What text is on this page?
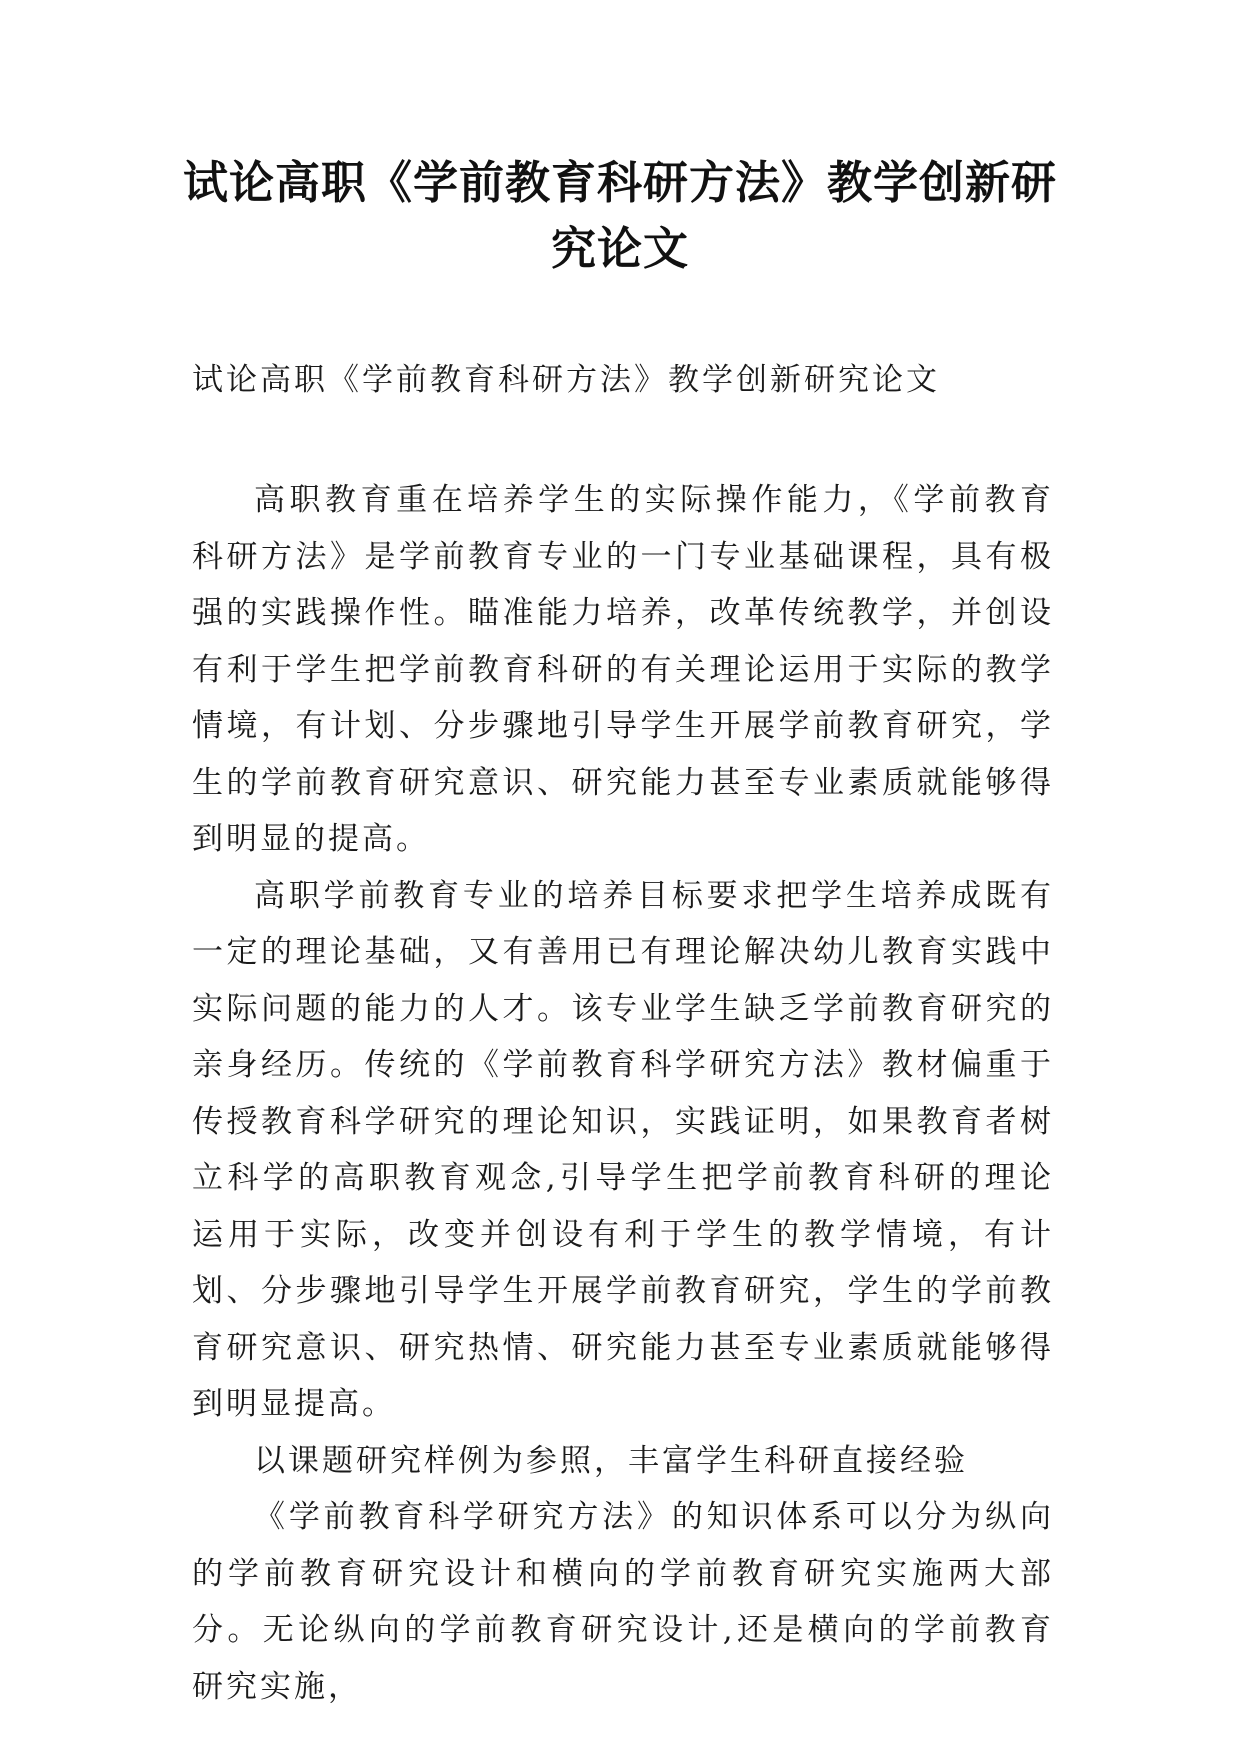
试论高职《学前教育科研方法》教学创新研究论文

试论高职《学前教育科研方法》教学创新研究论文

高职教育重在培养学生的实际操作能力，《学前教育科研方法》是学前教育专业的一门专业基础课程，具有极强的实践操作性。瞄准能力培养，改革传统教学，并创设有利于学生把学前教育科研的有关理论运用于实际的教学情境，有计划、分步骤地引导学生开展学前教育研究，学生的学前教育研究意识、研究能力甚至专业素质就能够得到明显的提高。

高职学前教育专业的培养目标要求把学生培养成既有一定的理论基础，又有善用已有理论解决幼儿教育实践中实际问题的能力的人才。该专业学生缺乏学前教育研究的亲身经历。传统的《学前教育科学研究方法》教材偏重于传授教育科学研究的理论知识，实践证明，如果教育者树立科学的高职教育观念,引导学生把学前教育科研的理论运用于实际，改变并创设有利于学生的教学情境，有计划、分步骤地引导学生开展学前教育研究，学生的学前教育研究意识、研究热情、研究能力甚至专业素质就能够得到明显提高。

以课题研究样例为参照，丰富学生科研直接经验

《学前教育科学研究方法》的知识体系可以分为纵向的学前教育研究设计和横向的学前教育研究实施两大部分。无论纵向的学前教育研究设计,还是横向的学前教育研究实施，
